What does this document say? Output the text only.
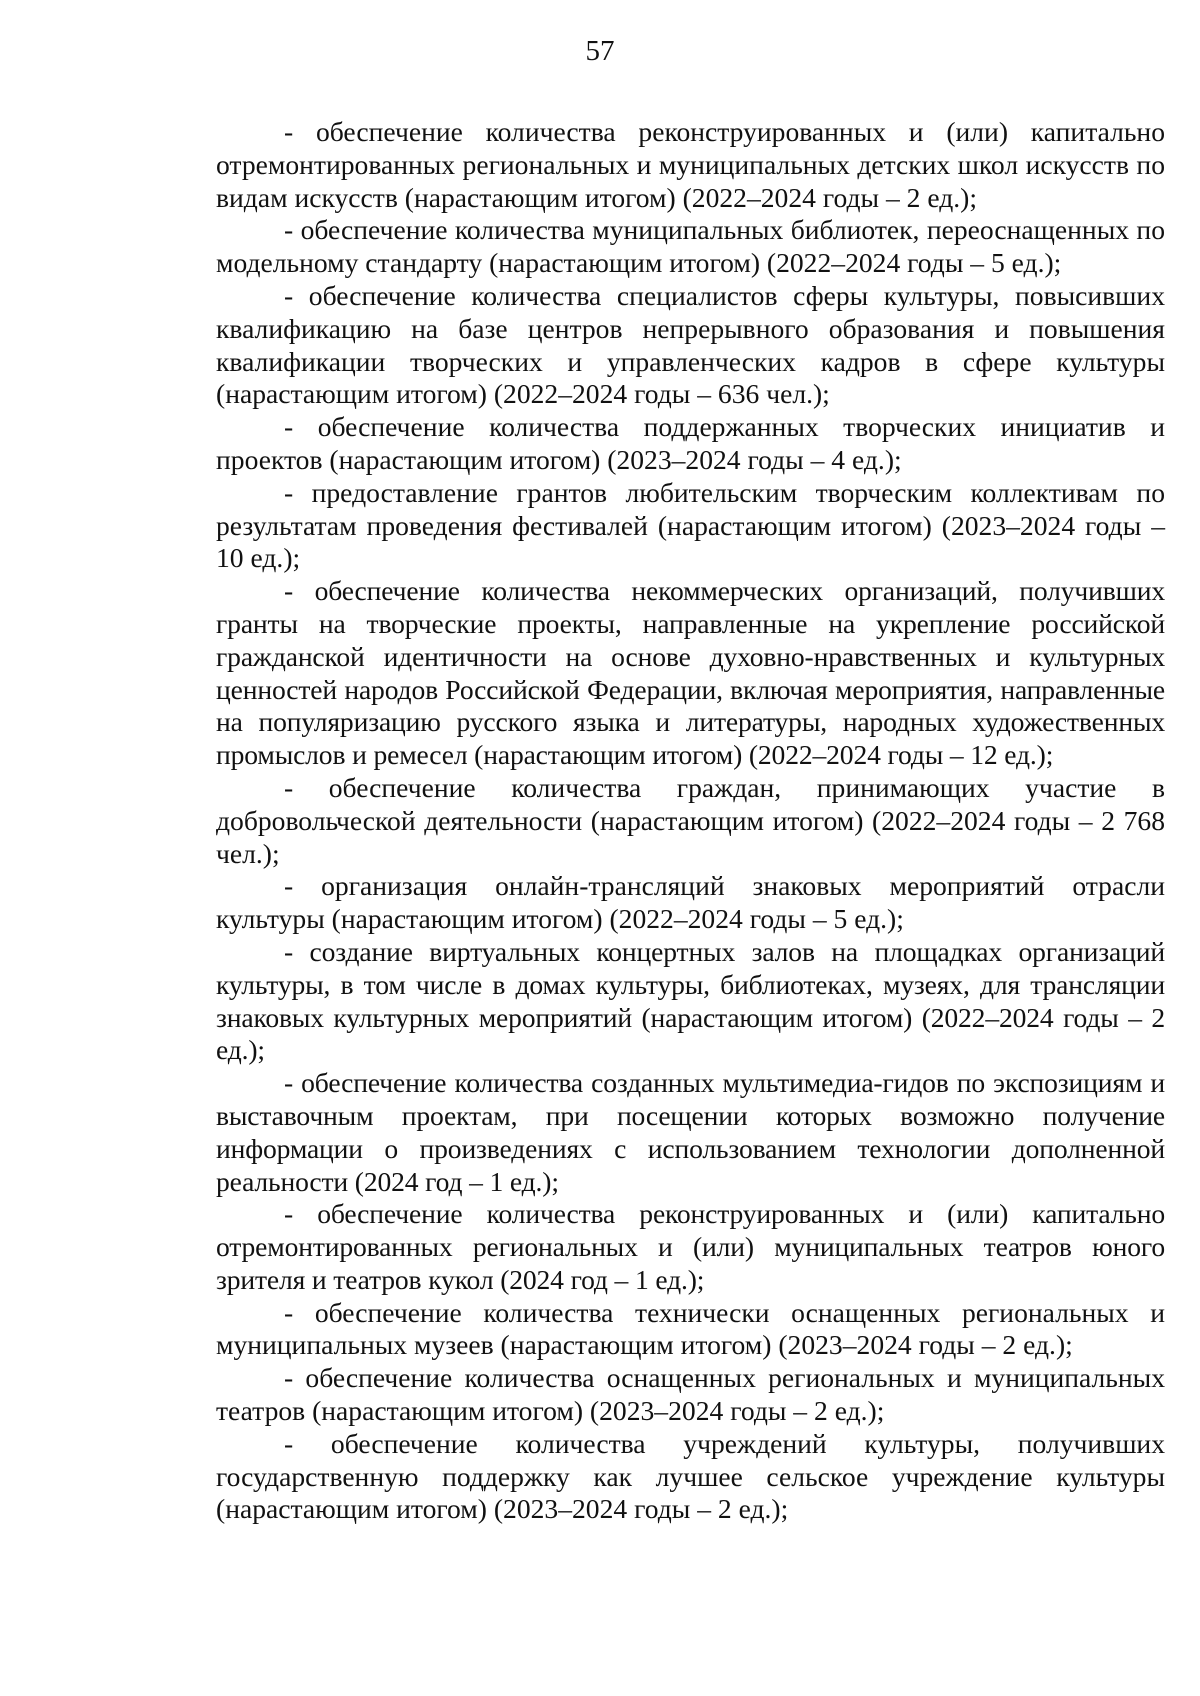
57

- обеспечение количества реконструированных и (или) капитально отремонтированных региональных и муниципальных детских школ искусств по видам искусств (нарастающим итогом) (2022–2024 годы – 2 ед.);

- обеспечение количества муниципальных библиотек, переоснащенных по модельному стандарту (нарастающим итогом) (2022–2024 годы – 5 ед.);

- обеспечение количества специалистов сферы культуры, повысивших квалификацию на базе центров непрерывного образования и повышения квалификации творческих и управленческих кадров в сфере культуры (нарастающим итогом) (2022–2024 годы – 636 чел.);

- обеспечение количества поддержанных творческих инициатив и проектов (нарастающим итогом) (2023–2024 годы – 4 ед.);

- предоставление грантов любительским творческим коллективам по результатам проведения фестивалей (нарастающим итогом) (2023–2024 годы – 10 ед.);

- обеспечение количества некоммерческих организаций, получивших гранты на творческие проекты, направленные на укрепление российской гражданской идентичности на основе духовно-нравственных и культурных ценностей народов Российской Федерации, включая мероприятия, направленные на популяризацию русского языка и литературы, народных художественных промыслов и ремесел (нарастающим итогом) (2022–2024 годы – 12 ед.);

- обеспечение количества граждан, принимающих участие в добровольческой деятельности (нарастающим итогом) (2022–2024 годы – 2 768 чел.);

- организация онлайн-трансляций знаковых мероприятий отрасли культуры (нарастающим итогом) (2022–2024 годы – 5 ед.);

- создание виртуальных концертных залов на площадках организаций культуры, в том числе в домах культуры, библиотеках, музеях, для трансляции знаковых культурных мероприятий (нарастающим итогом) (2022–2024 годы – 2 ед.);

- обеспечение количества созданных мультимедиа-гидов по экспозициям и выставочным проектам, при посещении которых возможно получение информации о произведениях с использованием технологии дополненной реальности (2024 год – 1 ед.);

- обеспечение количества реконструированных и (или) капитально отремонтированных региональных и (или) муниципальных театров юного зрителя и театров кукол (2024 год – 1 ед.);

- обеспечение количества технически оснащенных региональных и муниципальных музеев (нарастающим итогом) (2023–2024 годы – 2 ед.);

- обеспечение количества оснащенных региональных и муниципальных театров (нарастающим итогом) (2023–2024 годы – 2 ед.);

- обеспечение количества учреждений культуры, получивших государственную поддержку как лучшее сельское учреждение культуры (нарастающим итогом) (2023–2024 годы – 2 ед.);
